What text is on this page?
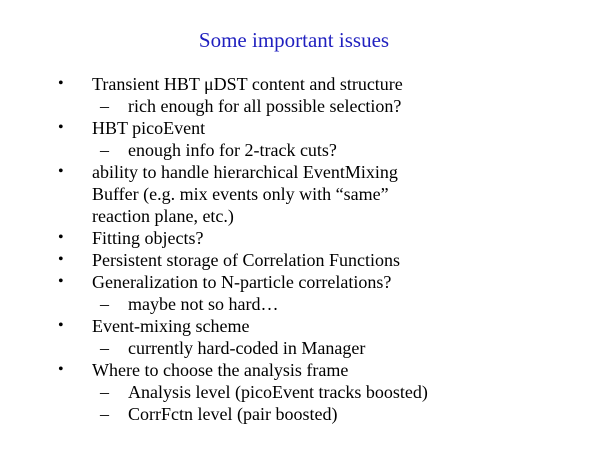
Some important issues
• Transient HBT μDST content and structure
– rich enough for all possible selection?
• HBT picoEvent
– enough info for 2-track cuts?
• ability to handle hierarchical EventMixing
Buffer (e.g. mix events only with “same”
reaction plane, etc.)
• Fitting objects?
• Persistent storage of Correlation Functions
• Generalization to N-particle correlations?
– maybe not so hard…
• Event-mixing scheme
– currently hard-coded in Manager
• Where to choose the analysis frame
– Analysis level (picoEvent tracks boosted)
– CorrFctn level (pair boosted)
